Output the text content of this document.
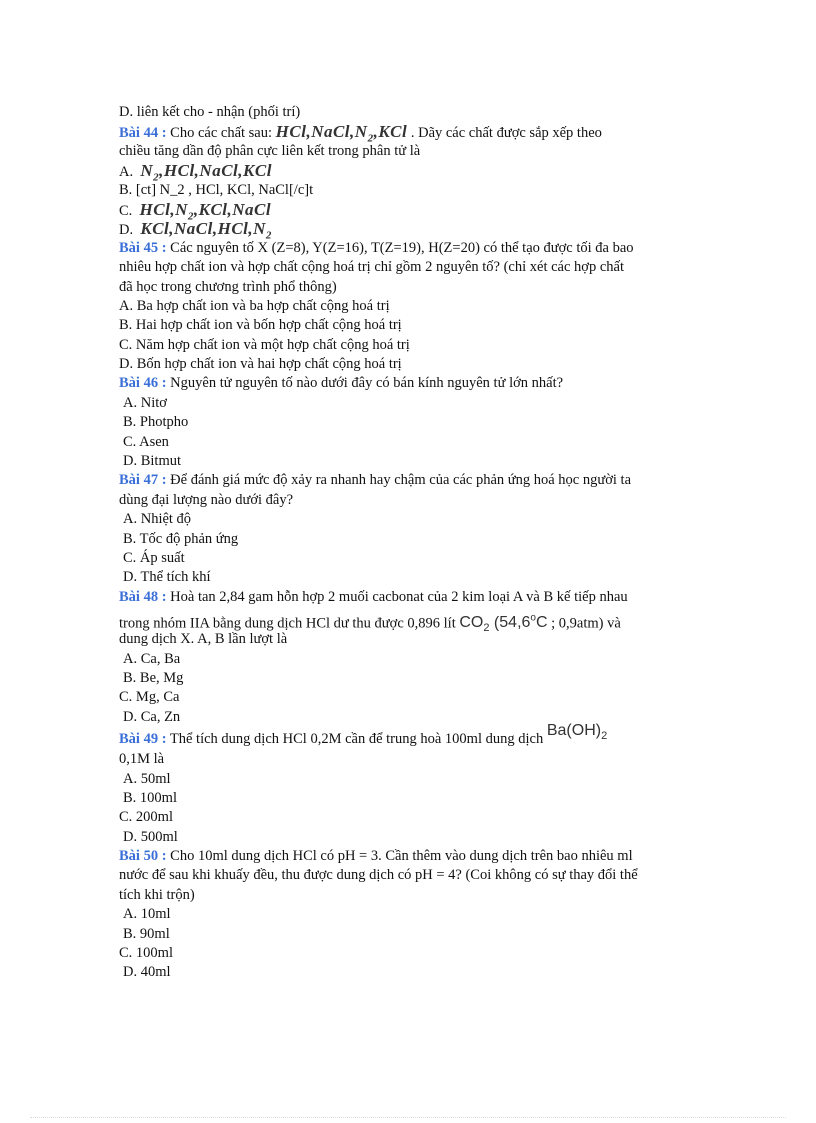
D. liên kết cho - nhận (phối trí)
Bài 44 : Cho các chất sau: $HCl,NaCl,N_2,KCl$ . Dãy các chất được sắp xếp theo
chiều tăng dần độ phân cực liên kết trong phân tử là
A. $N_2,HCl,NaCl,KCl$
B. [ct] N_2 , HCl, KCl, NaCl[/c]t
C. $HCl,N_2,KCl,NaCl$
D. $KCl,NaCl,HCl,N_2$
Bài 45 : Các nguyên tố X (Z=8), Y(Z=16), T(Z=19), H(Z=20) có thể tạo được tối đa bao
nhiêu hợp chất ion và hợp chất cộng hoá trị chỉ gồm 2 nguyên tố? (chỉ xét các hợp chất
đã học trong chương trình phổ thông)
A. Ba hợp chất ion và ba hợp chất cộng hoá trị
B. Hai hợp chất ion và bốn hợp chất cộng hoá trị
C. Năm hợp chất ion và một hợp chất cộng hoá trị
D. Bốn hợp chất ion và hai hợp chất cộng hoá trị
Bài 46 : Nguyên tử nguyên tố nào dưới đây có bán kính nguyên tử lớn nhất?
A. Nitơ
B. Photpho
C. Asen
D. Bitmut
Bài 47 : Để đánh giá mức độ xảy ra nhanh hay chậm của các phản ứng hoá học người ta
dùng đại lượng nào dưới đây?
A. Nhiệt độ
B. Tốc độ phản ứng
C. Áp suất
D. Thể tích khí
Bài 48 : Hoà tan 2,84 gam hỗn hợp 2 muối cacbonat của 2 kim loại A và B kế tiếp nhau
trong nhóm IIA bằng dung dịch HCl dư thu được 0,896 lít $CO_2$ (54,6$^o$C ; 0,9atm) và
dung dịch X. A, B lần lượt là
A. Ca, Ba
B. Be, Mg
C. Mg, Ca
D. Ca, Zn
Bài 49 : Thể tích dung dịch HCl 0,2M cần để trung hoà 100ml dung dịch $Ba(OH)_2$
0,1M là
A. 50ml
B. 100ml
C. 200ml
D. 500ml
Bài 50 : Cho 10ml dung dịch HCl có pH = 3. Cần thêm vào dung dịch trên bao nhiêu ml
nước để sau khi khuấy đều, thu được dung dịch có pH = 4? (Coi không có sự thay đổi thể
tích khi trộn)
A. 10ml
B. 90ml
C. 100ml
D. 40ml
